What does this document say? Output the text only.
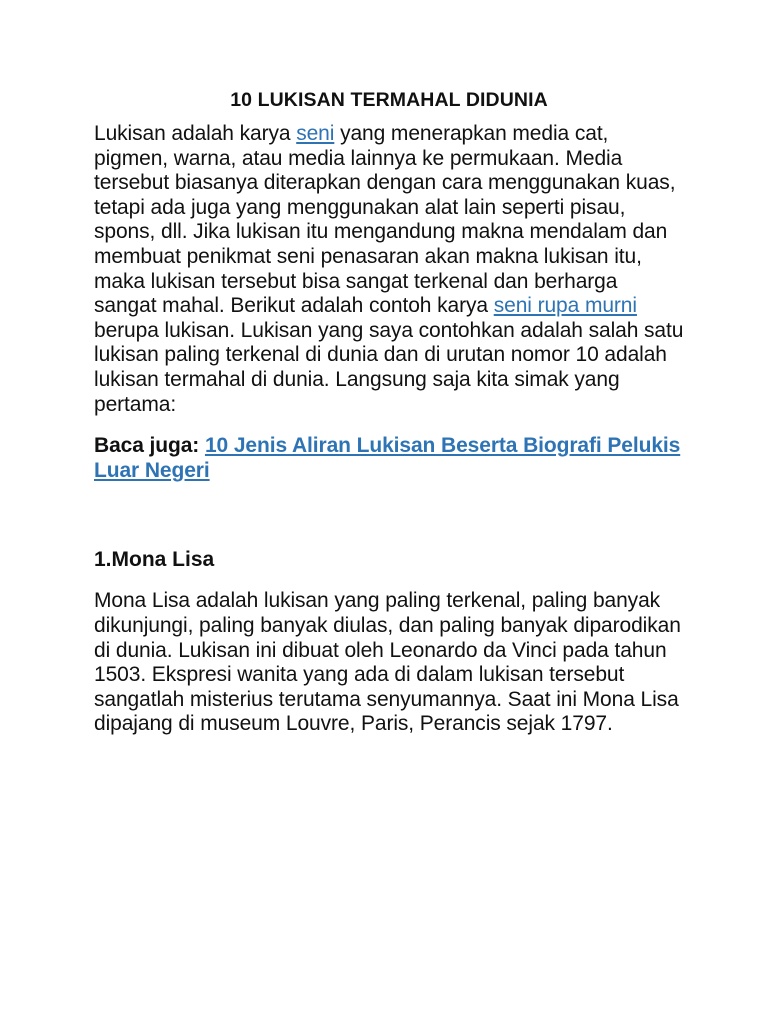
10 LUKISAN TERMAHAL DIDUNIA

Lukisan adalah karya seni yang menerapkan media cat, pigmen, warna, atau media lainnya ke permukaan. Media tersebut biasanya diterapkan dengan cara menggunakan kuas, tetapi ada juga yang menggunakan alat lain seperti pisau, spons, dll. Jika lukisan itu mengandung makna mendalam dan membuat penikmat seni penasaran akan makna lukisan itu, maka lukisan tersebut bisa sangat terkenal dan berharga sangat mahal. Berikut adalah contoh karya seni rupa murni berupa lukisan. Lukisan yang saya contohkan adalah salah satu lukisan paling terkenal di dunia dan di urutan nomor 10 adalah lukisan termahal di dunia. Langsung saja kita simak yang pertama:

Baca juga: 10 Jenis Aliran Lukisan Beserta Biografi Pelukis Luar Negeri

1.Mona Lisa

Mona Lisa adalah lukisan yang paling terkenal, paling banyak dikunjungi, paling banyak diulas, dan paling banyak diparodikan di dunia. Lukisan ini dibuat oleh Leonardo da Vinci pada tahun 1503. Ekspresi wanita yang ada di dalam lukisan tersebut sangatlah misterius terutama senyumannya. Saat ini Mona Lisa dipajang di museum Louvre, Paris, Perancis sejak 1797.
